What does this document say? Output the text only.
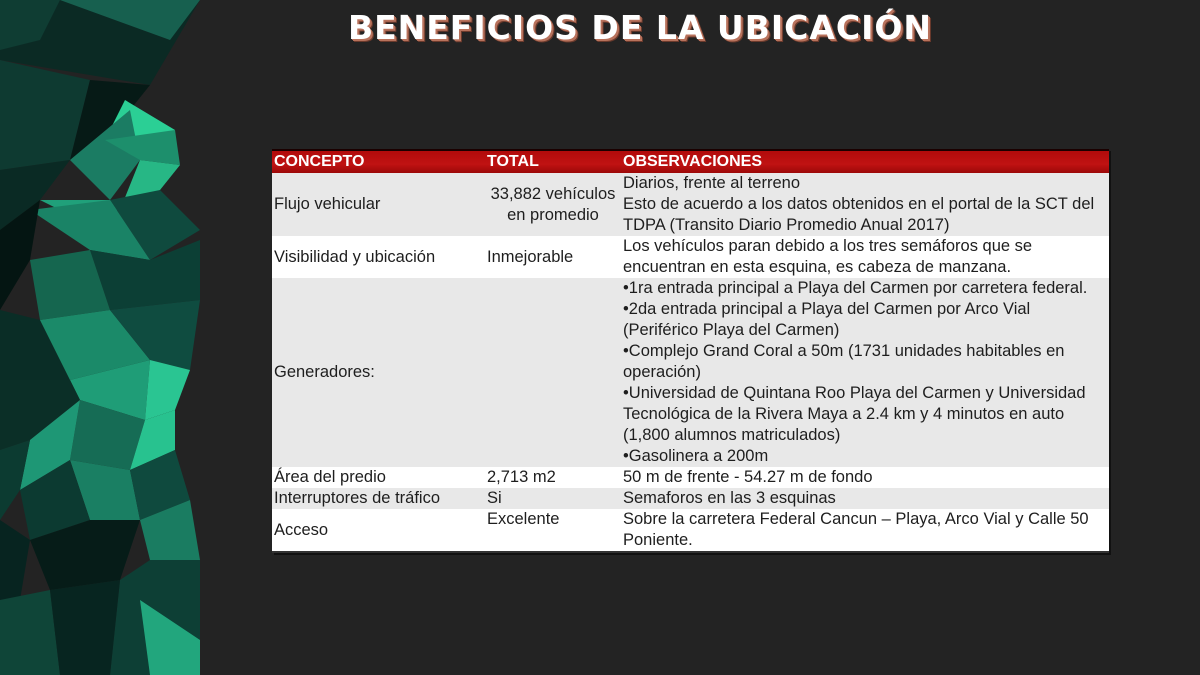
BENEFICIOS DE LA UBICACIÓN
CONCEPTO	TOTAL	OBSERVACIONES
Flujo vehicular	33,882 vehículos en promedio	Diarios, frente al terreno
Esto de acuerdo a los datos obtenidos en el portal de la SCT del TDPA (Transito Diario Promedio Anual 2017)

Visibilidad y ubicación	Inmejorable	Los vehículos paran debido a los tres semáforos que se encuentran en esta esquina, es cabeza de manzana.
Generadores:		•1ra entrada principal a Playa del Carmen por carretera federal.
•2da entrada principal a Playa del Carmen por Arco Vial (Periférico Playa del Carmen)
•Complejo Grand Coral a 50m (1731 unidades habitables en operación)
•Universidad de Quintana Roo Playa del Carmen y Universidad Tecnológica de la Rivera Maya a 2.4 km y 4 minutos en auto (1,800 alumnos matriculados)
•Gasolinera a 200m

Área del predio	2,713 m2	50 m de frente - 54.27 m de fondo
Interruptores de tráfico	Si	Semaforos en las 3 esquinas
Acceso	Excelente	Sobre la carretera Federal Cancun – Playa, Arco Vial y Calle 50 Poniente.
